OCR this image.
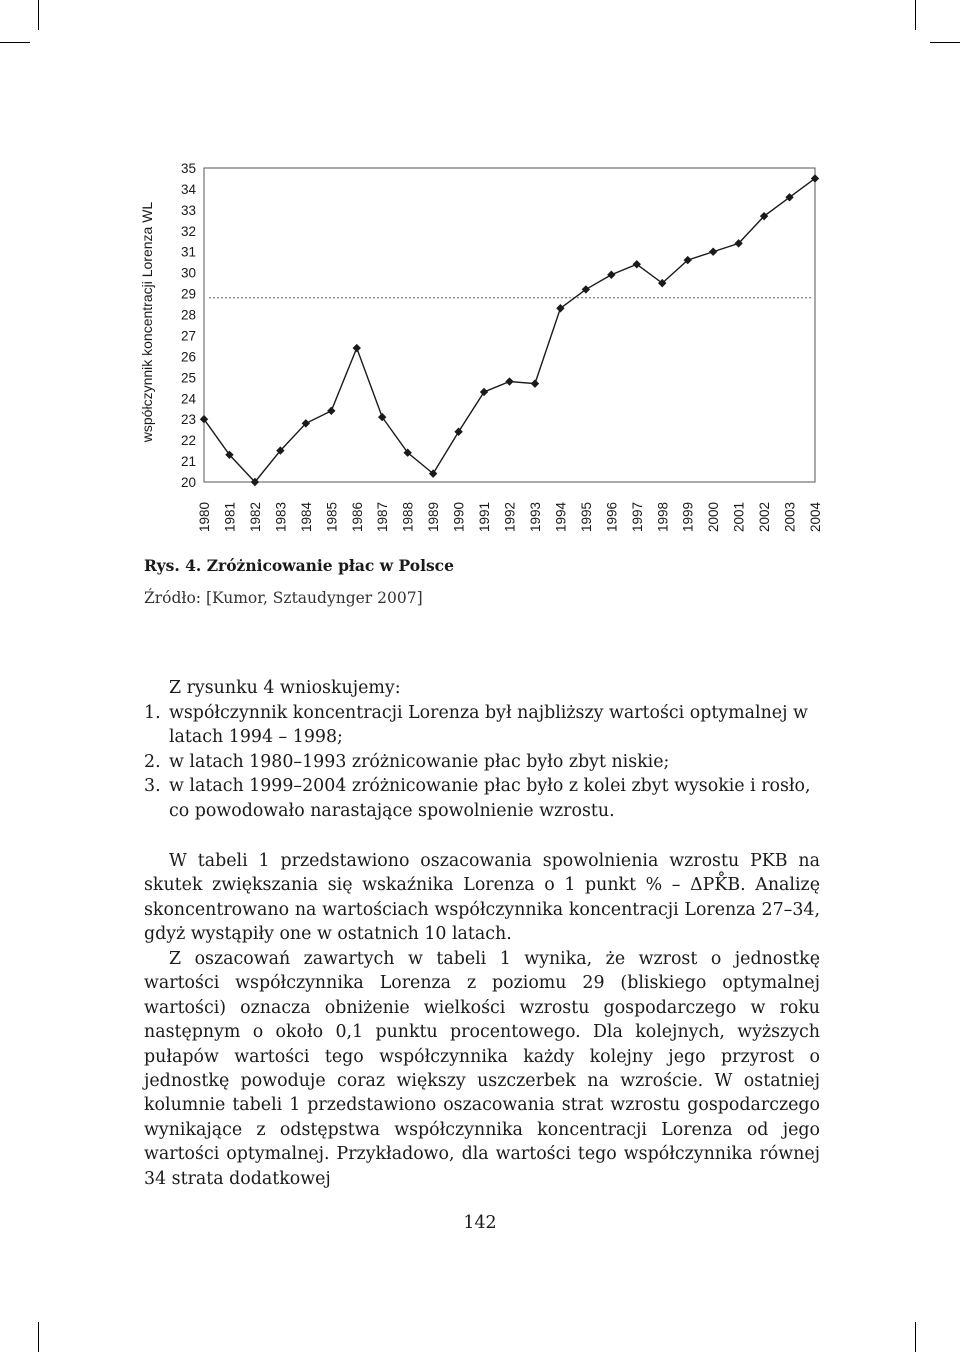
20
21
22
23
24
25
26
27
28
29
30
31
32
33
34
35
1980 1981 1982 1983 1984 1985 1986 1987 1988 1989 1990 1991 1992 1993 1994 1995 1996 1997 1998 1999 2000 2001 2002 2003 2004
współczynnik koncentracji Lorenza WL
Rys. 4. Zróżnicowanie płac w Polsce
Źródło: [Kumor, Sztaudynger 2007]
Z rysunku 4 wnioskujemy:
1. współczynnik koncentracji Lorenza był najbliższy wartości optymalnej w latach 1994 – 1998;
2. w latach 1980–1993 zróżnicowanie płac było zbyt niskie;
3. w latach 1999–2004 zróżnicowanie płac było z kolei zbyt wysokie i rosło, co powodowało narastające spowolnienie wzrostu.
W tabeli 1 przedstawiono oszacowania spowolnienia wzrostu PKB na skutek zwiększania się wskaźnika Lorenza o 1 punkt % – ΔPK̊B. Analizę skoncentrowano na wartościach współczynnika koncentracji Lorenza 27–34, gdyż wystąpiły one w ostatnich 10 latach.
Z oszacowań zawartych w tabeli 1 wynika, że wzrost o jednostkę wartości współczynnika Lorenza z poziomu 29 (bliskiego optymalnej wartości) oznacza obniżenie wielkości wzrostu gospodarczego w roku następnym o około 0,1 punktu procentowego. Dla kolejnych, wyższych pułapów wartości tego współczynnika każdy kolejny jego przyrost o jednostkę powoduje coraz większy uszczerbek na wzroście. W ostatniej kolumnie tabeli 1 przedstawiono oszacowania strat wzrostu gospodarczego wynikające z odstępstwa współczynnika koncentracji Lorenza od jego wartości optymalnej. Przykładowo, dla wartości tego współczynnika równej 34 strata dodatkowej
142
